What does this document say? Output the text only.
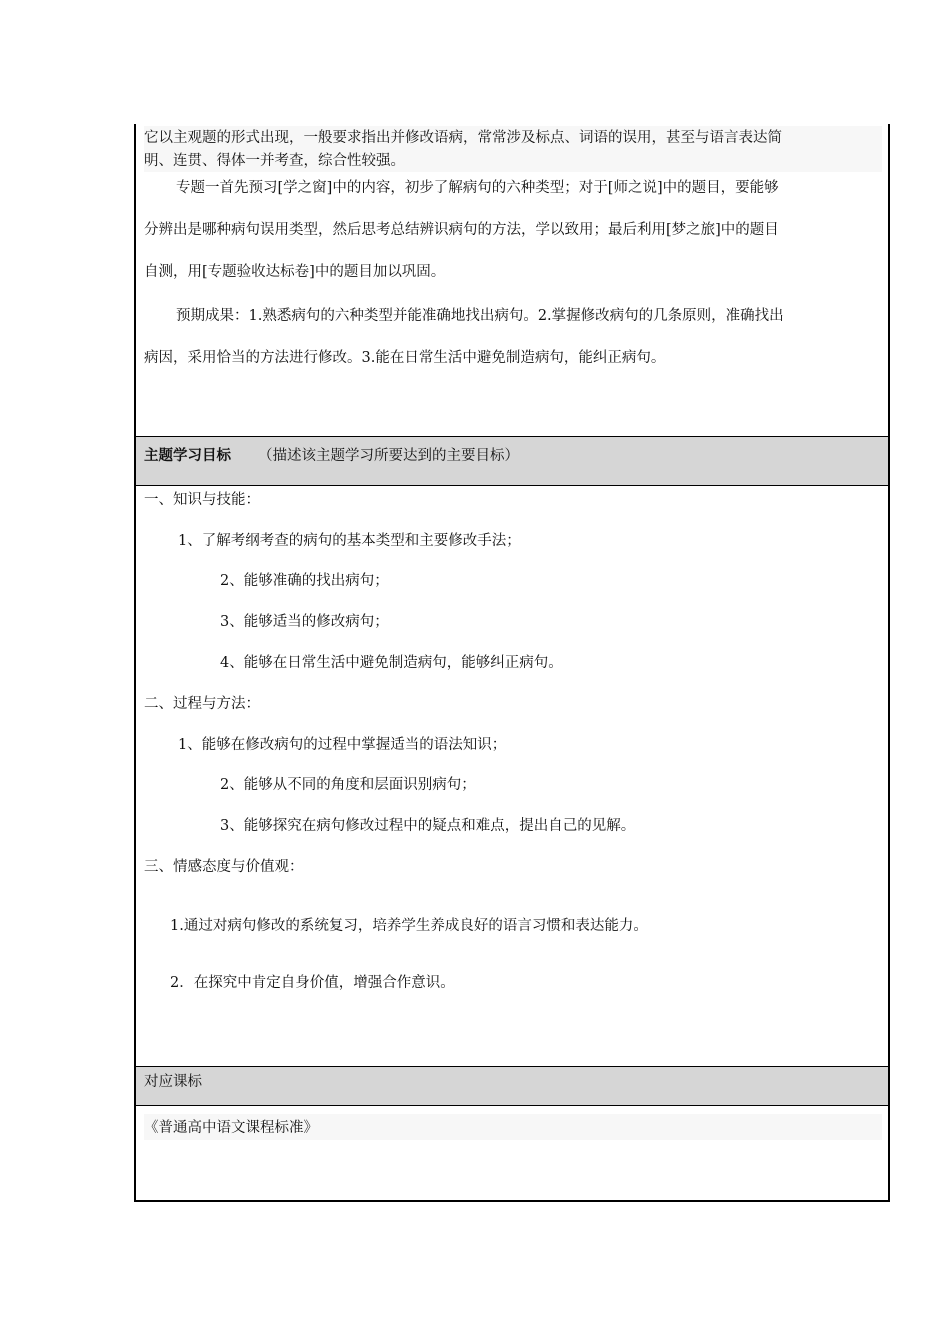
它以主观题的形式出现，一般要求指出并修改语病，常常涉及标点、词语的误用，甚至与语言表达简
明、连贯、得体一并考查，综合性较强。
专题一首先预习[学之窗]中的内容，初步了解病句的六种类型；对于[师之说]中的题目，要能够
分辨出是哪种病句误用类型，然后思考总结辨识病句的方法，学以致用；最后利用[梦之旅]中的题目
自测，用[专题验收达标卷]中的题目加以巩固。
预期成果：1.熟悉病句的六种类型并能准确地找出病句。2.掌握修改病句的几条原则，准确找出
病因，采用恰当的方法进行修改。3.能在日常生活中避免制造病句，能纠正病句。
主题学习目标 （描述该主题学习所要达到的主要目标）
一、知识与技能：
1、了解考纲考查的病句的基本类型和主要修改手法；
2、能够准确的找出病句；
3、能够适当的修改病句；
4、能够在日常生活中避免制造病句，能够纠正病句。
二、过程与方法：
1、能够在修改病句的过程中掌握适当的语法知识；
2、能够从不同的角度和层面识别病句；
3、能够探究在病句修改过程中的疑点和难点，提出自己的见解。
三、情感态度与价值观：
1.通过对病句修改的系统复习，培养学生养成良好的语言习惯和表达能力。
2．在探究中肯定自身价值，增强合作意识。
对应课标
《普通高中语文课程标准》
